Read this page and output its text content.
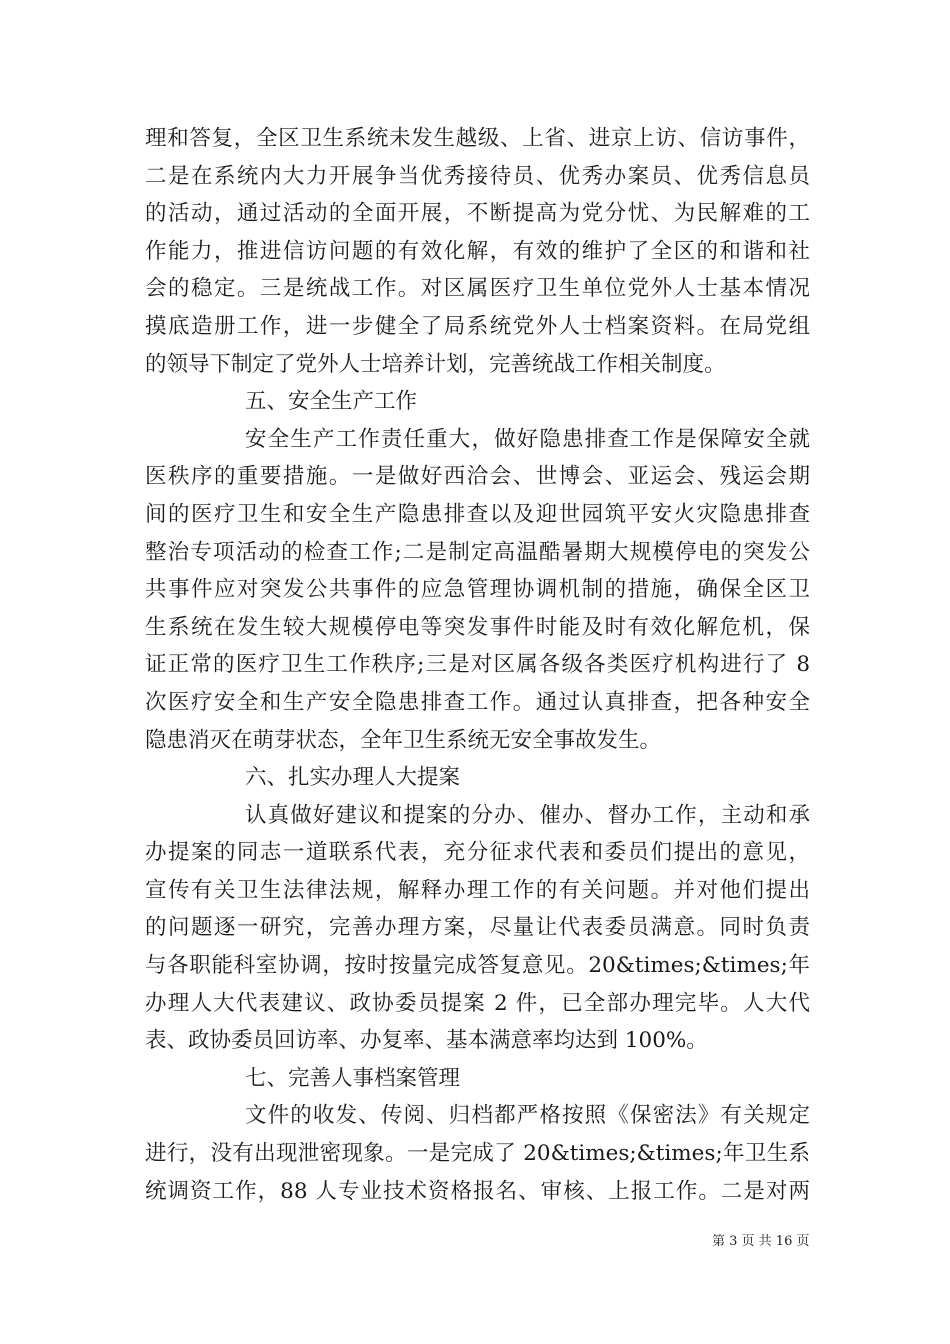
理和答复，全区卫生系统未发生越级、上省、进京上访、信访事件，
二是在系统内大力开展争当优秀接待员、优秀办案员、优秀信息员
的活动，通过活动的全面开展，不断提高为党分忧、为民解难的工
作能力，推进信访问题的有效化解，有效的维护了全区的和谐和社
会的稳定。三是统战工作。对区属医疗卫生单位党外人士基本情况
摸底造册工作，进一步健全了局系统党外人士档案资料。在局党组
的领导下制定了党外人士培养计划，完善统战工作相关制度。
五、安全生产工作
安全生产工作责任重大，做好隐患排查工作是保障安全就
医秩序的重要措施。一是做好西洽会、世博会、亚运会、残运会期
间的医疗卫生和安全生产隐患排查以及迎世园筑平安火灾隐患排查
整治专项活动的检查工作;二是制定高温酷暑期大规模停电的突发公
共事件应对突发公共事件的应急管理协调机制的措施，确保全区卫
生系统在发生较大规模停电等突发事件时能及时有效化解危机，保
证正常的医疗卫生工作秩序;三是对区属各级各类医疗机构进行了 8
次医疗安全和生产安全隐患排查工作。通过认真排查，把各种安全
隐患消灭在萌芽状态，全年卫生系统无安全事故发生。
六、扎实办理人大提案
认真做好建议和提案的分办、催办、督办工作，主动和承
办提案的同志一道联系代表，充分征求代表和委员们提出的意见，
宣传有关卫生法律法规，解释办理工作的有关问题。并对他们提出
的问题逐一研究，完善办理方案，尽量让代表委员满意。同时负责
与各职能科室协调，按时按量完成答复意见。20&times;&times;年
办理人大代表建议、政协委员提案 2 件，已全部办理完毕。人大代
表、政协委员回访率、办复率、基本满意率均达到 100%。
七、完善人事档案管理
文件的收发、传阅、归档都严格按照《保密法》有关规定
进行，没有出现泄密现象。一是完成了 20&times;&times;年卫生系
统调资工作，88 人专业技术资格报名、审核、上报工作。二是对两
第 3 页 共 16 页
